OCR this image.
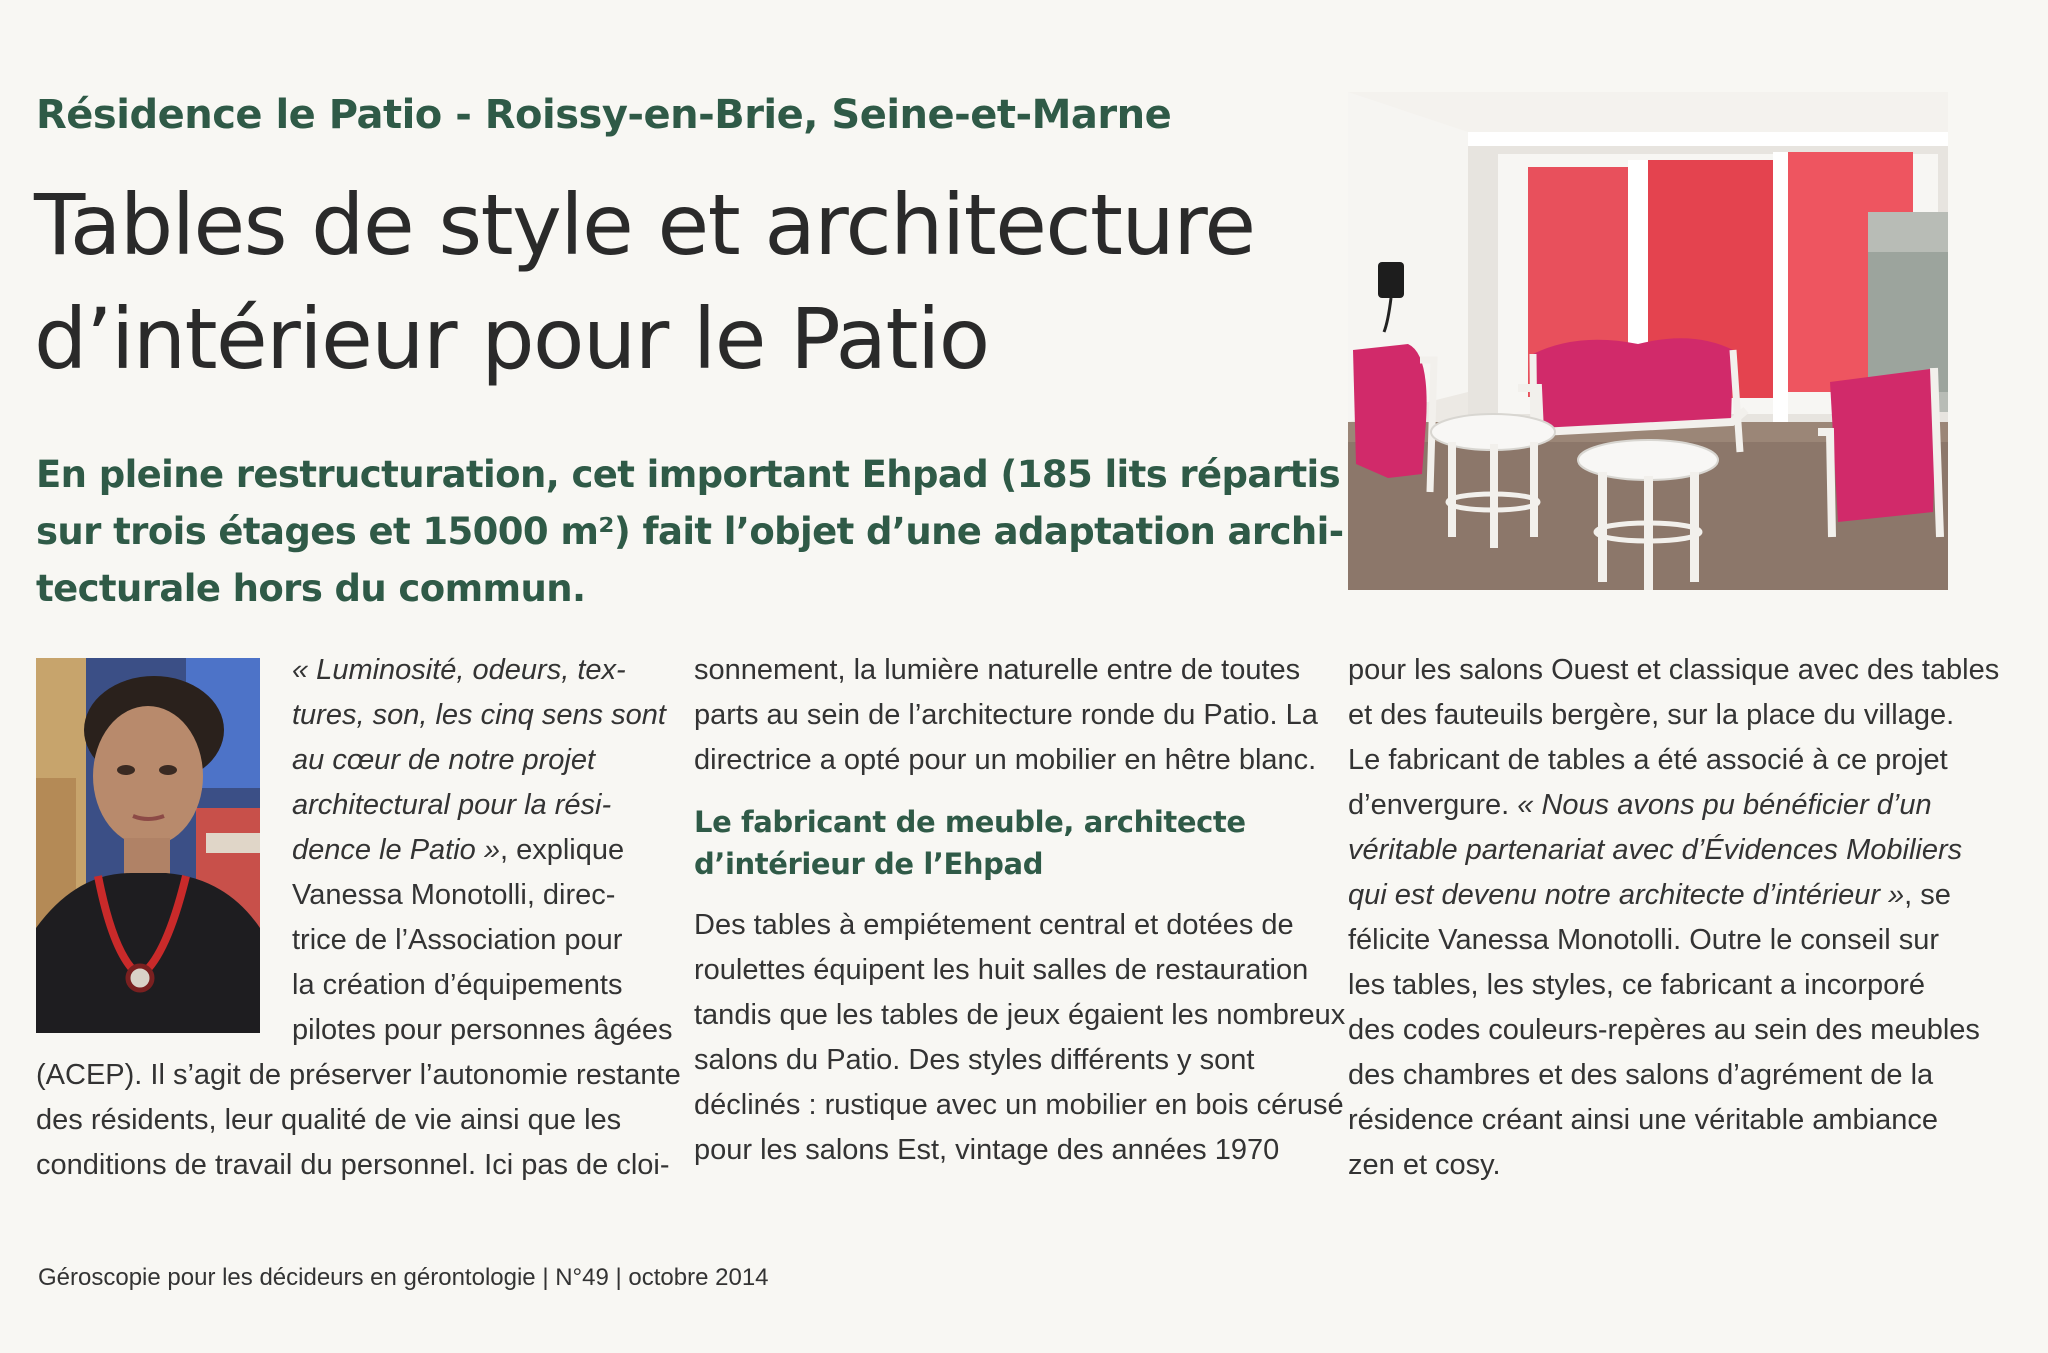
Résidence le Patio - Roissy-en-Brie, Seine-et-Marne
Tables de style et architecture
d’intérieur pour le Patio
En pleine restructuration, cet important Ehpad (185 lits répartis
sur trois étages et 15000 m²) fait l’objet d’une adaptation archi-
tecturale hors du commun.
« Luminosité, odeurs, tex-
tures, son, les cinq sens sont
au cœur de notre projet
architectural pour la rési-
dence le Patio », explique
Vanessa Monotolli, direc-
trice de l’Association pour
la création d’équipements
pilotes pour personnes âgées
(ACEP). Il s’agit de préserver l’autonomie restante
des résidents, leur qualité de vie ainsi que les
conditions de travail du personnel. Ici pas de cloi-
sonnement, la lumière naturelle entre de toutes
parts au sein de l’architecture ronde du Patio. La
directrice a opté pour un mobilier en hêtre blanc.
Le fabricant de meuble, architecte
d’intérieur de l’Ehpad
Des tables à empiétement central et dotées de
roulettes équipent les huit salles de restauration
tandis que les tables de jeux égaient les nombreux
salons du Patio. Des styles différents y sont
déclinés : rustique avec un mobilier en bois cérusé
pour les salons Est, vintage des années 1970
pour les salons Ouest et classique avec des tables
et des fauteuils bergère, sur la place du village.
Le fabricant de tables a été associé à ce projet
d’envergure. « Nous avons pu bénéficier d’un
véritable partenariat avec d’Évidences Mobiliers
qui est devenu notre architecte d’intérieur », se
félicite Vanessa Monotolli. Outre le conseil sur
les tables, les styles, ce fabricant a incorporé
des codes couleurs-repères au sein des meubles
des chambres et des salons d’agrément de la
résidence créant ainsi une véritable ambiance
zen et cosy.
Géroscopie pour les décideurs en gérontologie | N°49 | octobre 2014
